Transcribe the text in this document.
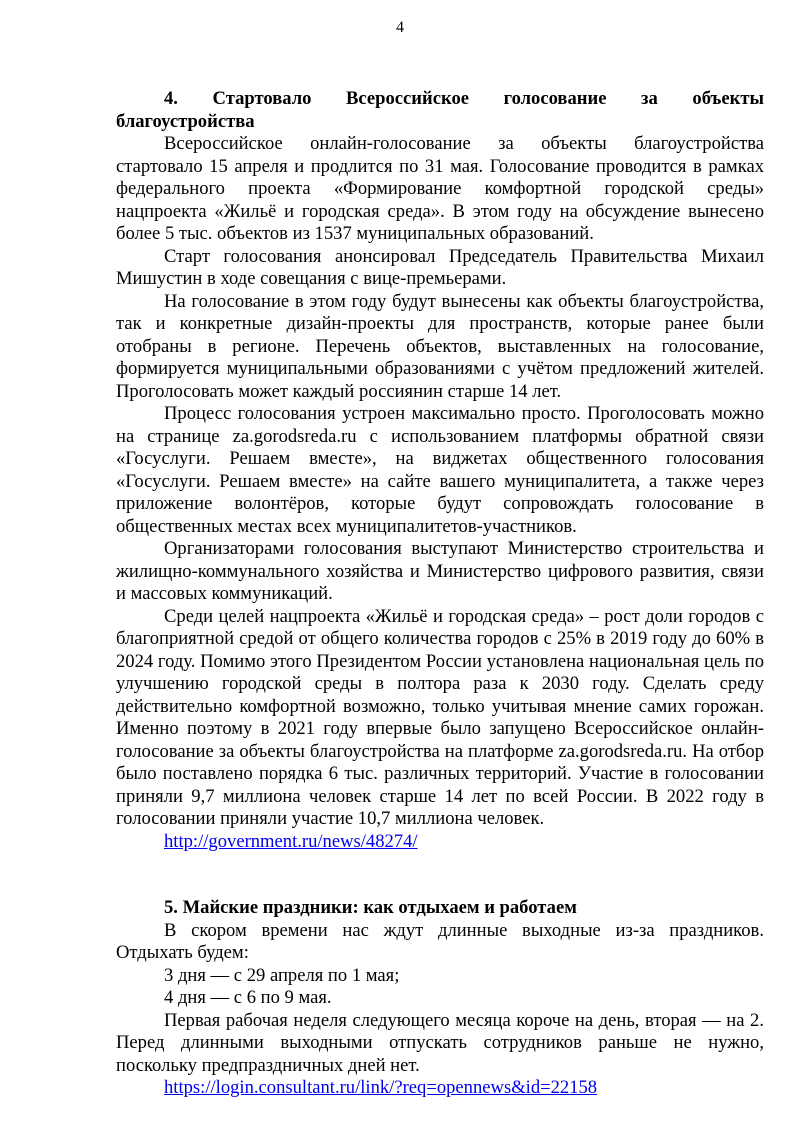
4
4. Стартовало Всероссийское голосование за объекты
благоустройства

Всероссийское онлайн-голосование за объекты благоустройства стартовало 15 апреля и продлится по 31 мая. Голосование проводится в рамках федерального проекта «Формирование комфортной городской среды» нацпроекта «Жильё и городская среда». В этом году на обсуждение вынесено более 5 тыс. объектов из 1537 муниципальных образований.

Старт голосования анонсировал Председатель Правительства Михаил Мишустин в ходе совещания с вице-премьерами.

На голосование в этом году будут вынесены как объекты благоустройства, так и конкретные дизайн-проекты для пространств, которые ранее были отобраны в регионе. Перечень объектов, выставленных на голосование, формируется муниципальными образованиями с учётом предложений жителей. Проголосовать может каждый россиянин старше 14 лет.

Процесс голосования устроен максимально просто. Проголосовать можно на странице za.gorodsreda.ru с использованием платформы обратной связи «Госуслуги. Решаем вместе», на виджетах общественного голосования «Госуслуги. Решаем вместе» на сайте вашего муниципалитета, а также через приложение волонтёров, которые будут сопровождать голосование в общественных местах всех муниципалитетов-участников.

Организаторами голосования выступают Министерство строительства и жилищно-коммунального хозяйства и Министерство цифрового развития, связи и массовых коммуникаций.

Среди целей нацпроекта «Жильё и городская среда» – рост доли городов с благоприятной средой от общего количества городов с 25% в 2019 году до 60% в 2024 году. Помимо этого Президентом России установлена национальная цель по улучшению городской среды в полтора раза к 2030 году. Сделать среду действительно комфортной возможно, только учитывая мнение самих горожан. Именно поэтому в 2021 году впервые было запущено Всероссийское онлайн-голосование за объекты благоустройства на платформе za.gorodsreda.ru. На отбор было поставлено порядка 6 тыс. различных территорий. Участие в голосовании приняли 9,7 миллиона человек старше 14 лет по всей России. В 2022 году в голосовании приняли участие 10,7 миллиона человек.

http://government.ru/news/48274/
5. Майские праздники: как отдыхаем и работаем

В скором времени нас ждут длинные выходные из-за праздников. Отдыхать будем:

3 дня — с 29 апреля по 1 мая;
4 дня — с 6 по 9 мая.

Первая рабочая неделя следующего месяца короче на день, вторая — на 2. Перед длинными выходными отпускать сотрудников раньше не нужно, поскольку предпраздничных дней нет.

https://login.consultant.ru/link/?req=opennews&id=22158
